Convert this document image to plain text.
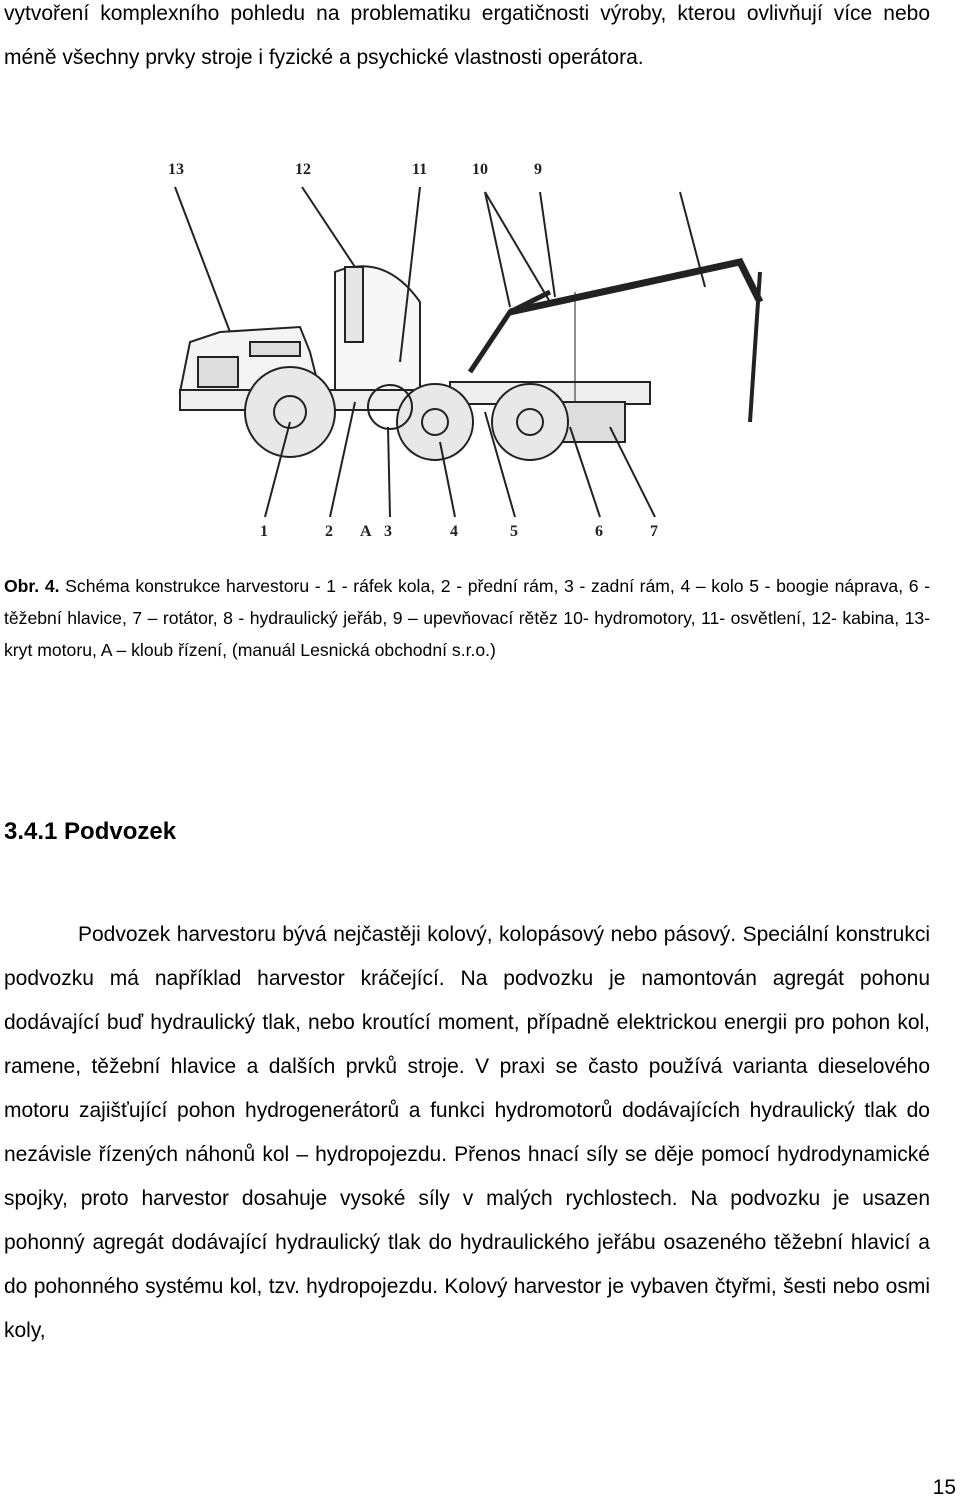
vytvoření komplexního pohledu na problematiku ergatičnosti výroby, kterou ovlivňují více nebo méně všechny prvky stroje i fyzické a psychické vlastnosti operátora.

13	12	11	10	9
1	2 A 3	4	5	6	7

Obr. 4. Schéma konstrukce harvestoru - 1 - ráfek kola, 2 - přední rám, 3 - zadní rám, 4 – kolo 5 - boogie náprava, 6 - těžební hlavice, 7 – rotátor, 8 - hydraulický jeřáb, 9 – upevňovací rětěz 10- hydromotory, 11- osvětlení, 12- kabina, 13- kryt motoru, A – kloub řízení, (manuál Lesnická obchodní s.r.o.)

3.4.1 Podvozek

Podvozek harvestoru bývá nejčastěji kolový, kolopásový nebo pásový. Speciální konstrukci podvozku má například harvestor kráčející. Na podvozku je namontován agregát pohonu dodávající buď hydraulický tlak, nebo kroutící moment, případně elektrickou energii pro pohon kol, ramene, těžební hlavice a dalších prvků stroje. V praxi se často používá varianta dieselového motoru zajišťující pohon hydrogenerátorů a funkci hydromotorů dodávajících hydraulický tlak do nezávisle řízených náhonů kol – hydropojezdu. Přenos hnací síly se děje pomocí hydrodynamické spojky, proto harvestor dosahuje vysoké síly v malých rychlostech. Na podvozku je usazen pohonný agregát dodávající hydraulický tlak do hydraulického jeřábu osazeného těžební hlavicí a do pohonného systému kol, tzv. hydropojezdu. Kolový harvestor je vybaven čtyřmi, šesti nebo osmi koly,

15
